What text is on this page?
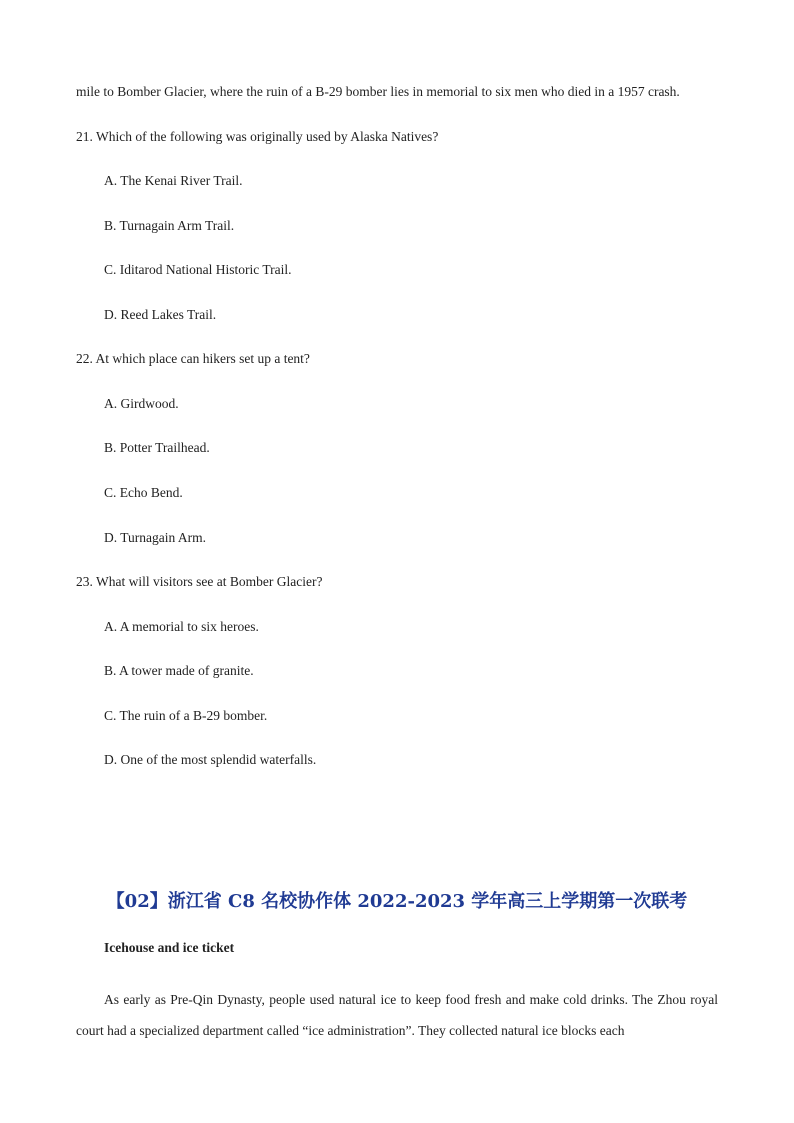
mile to Bomber Glacier, where the ruin of a B-29 bomber lies in memorial to six men who died in a 1957 crash.
21. Which of the following was originally used by Alaska Natives?
A. The Kenai River Trail.
B. Turnagain Arm Trail.
C. Iditarod National Historic Trail.
D. Reed Lakes Trail.
22. At which place can hikers set up a tent?
A. Girdwood.
B. Potter Trailhead.
C. Echo Bend.
D. Turnagain Arm.
23. What will visitors see at Bomber Glacier?
A. A memorial to six heroes.
B. A tower made of granite.
C. The ruin of a B-29 bomber.
D. One of the most splendid waterfalls.
【02】浙江省 C8 名校协作体 2022-2023 学年高三上学期第一次联考
Icehouse and ice ticket
As early as Pre-Qin Dynasty, people used natural ice to keep food fresh and make cold drinks. The Zhou royal court had a specialized department called “ice administration”. They collected natural ice blocks each
